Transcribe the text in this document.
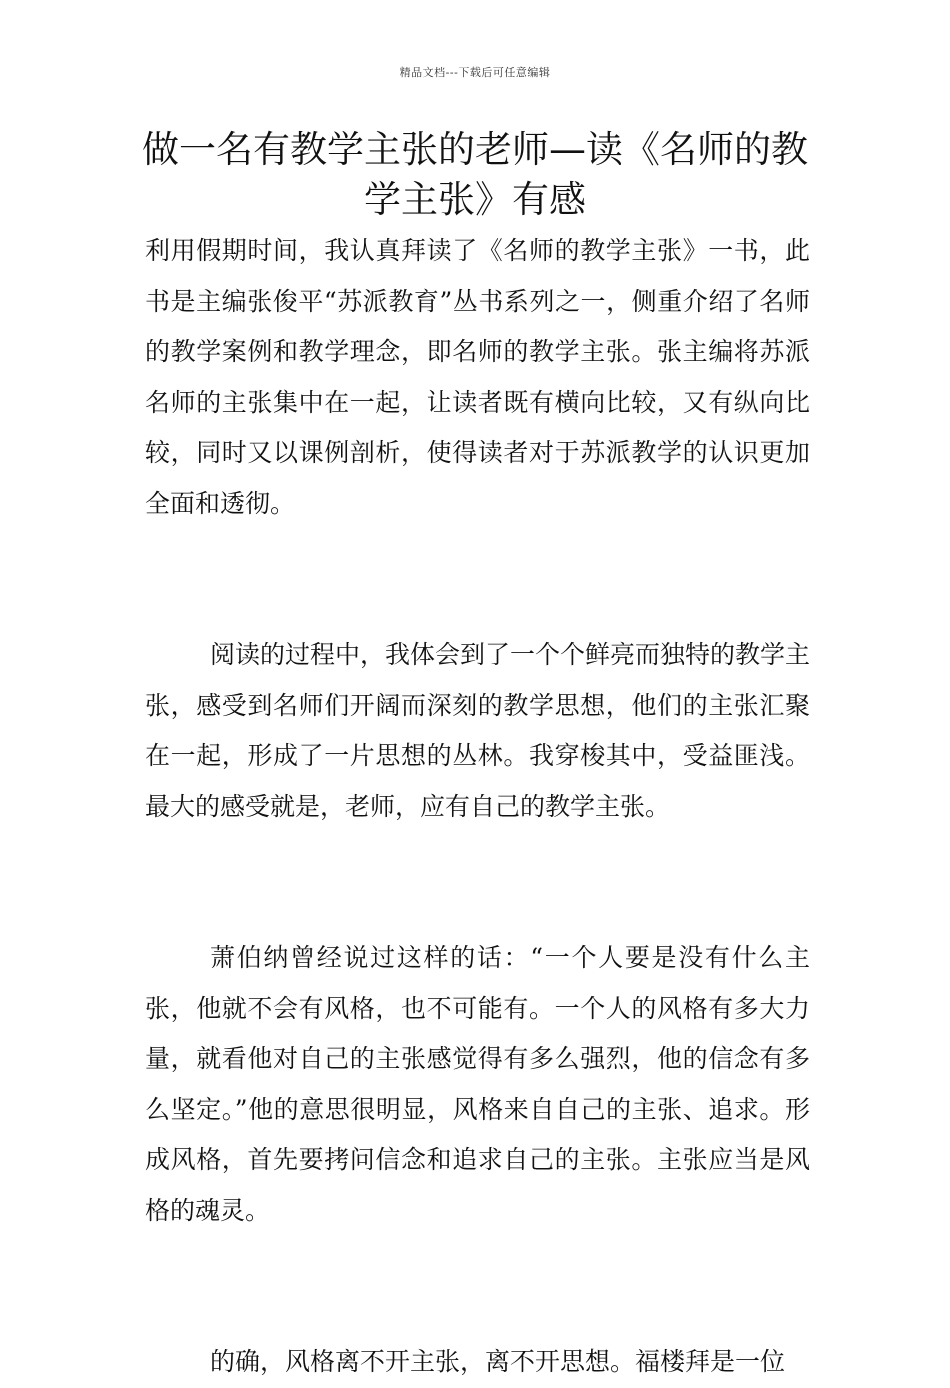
精品文档---下载后可任意编辑
做一名有教学主张的老师—读《名师的教学主张》有感

利用假期时间，我认真拜读了《名师的教学主张》一书，此书是主编张俊平“苏派教育”丛书系列之一，侧重介绍了名师的教学案例和教学理念，即名师的教学主张。张主编将苏派名师的主张集中在一起，让读者既有横向比较，又有纵向比较，同时又以课例剖析，使得读者对于苏派教学的认识更加全面和透彻。

阅读的过程中，我体会到了一个个鲜亮而独特的教学主张，感受到名师们开阔而深刻的教学思想，他们的主张汇聚在一起，形成了一片思想的丛林。我穿梭其中，受益匪浅。最大的感受就是，老师，应有自己的教学主张。

萧伯纳曾经说过这样的话：“一个人要是没有什么主张，他就不会有风格，也不可能有。一个人的风格有多大力量，就看他对自己的主张感觉得有多么强烈，他的信念有多么坚定。”他的意思很明显，风格来自自己的主张、追求。形成风格，首先要拷问信念和追求自己的主张。主张应当是风格的魂灵。

的确，风格离不开主张，离不开思想。福楼拜是一位
